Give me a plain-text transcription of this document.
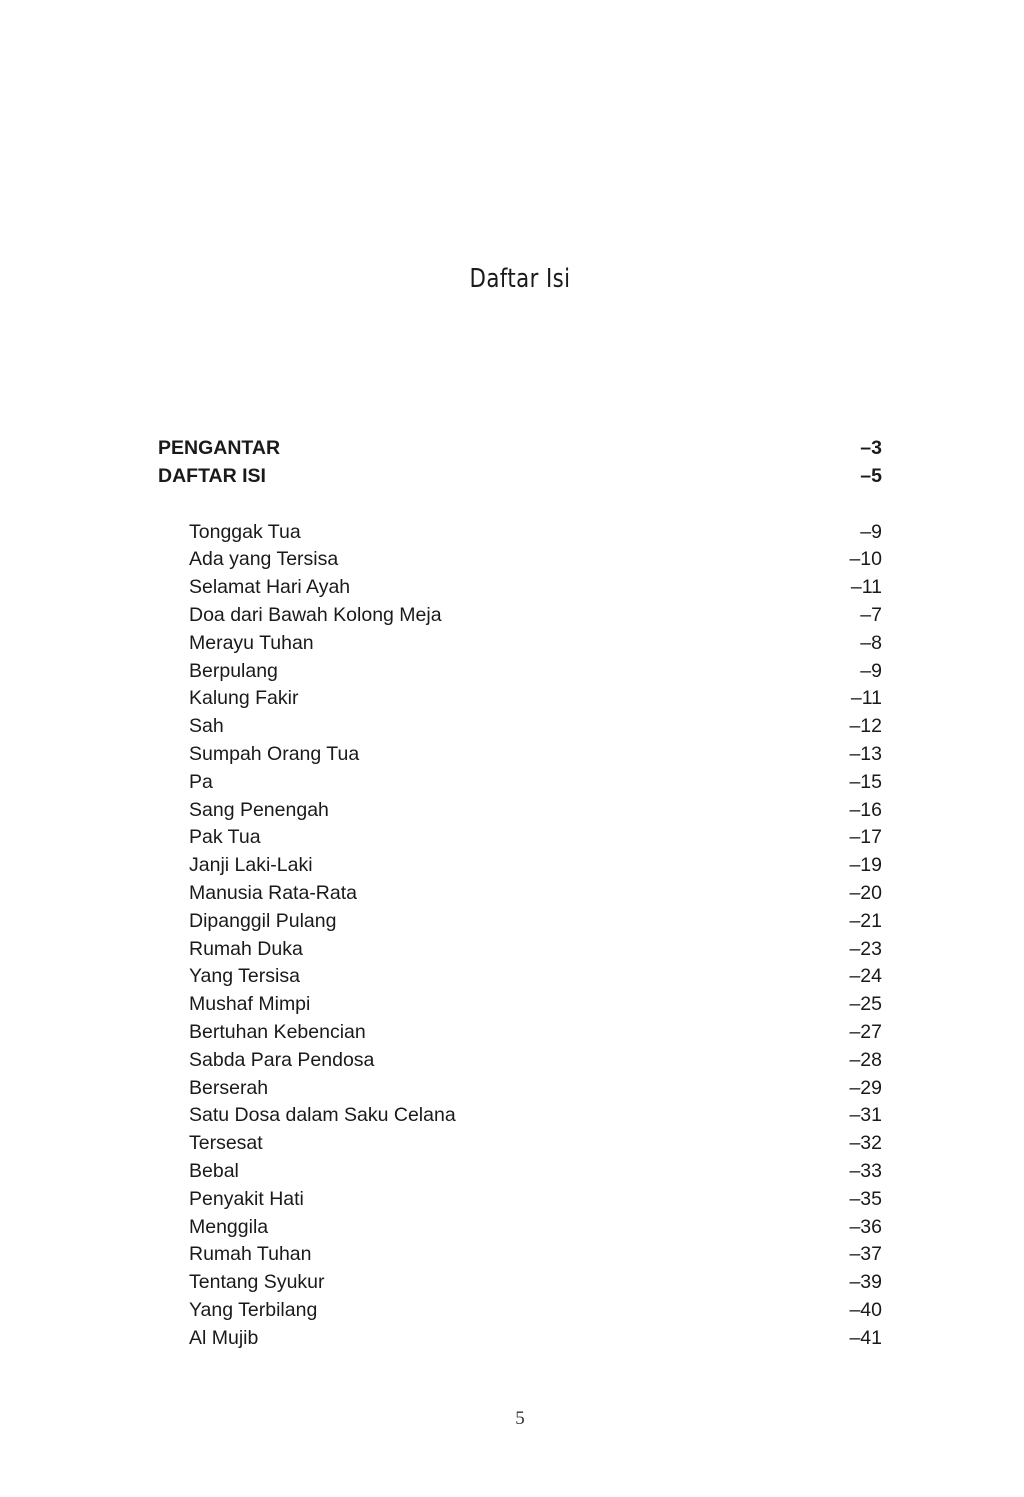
Daftar Isi
PENGANTAR	–3
DAFTAR ISI	–5
Tonggak Tua	–9
Ada yang Tersisa	–10
Selamat Hari Ayah	–11
Doa dari Bawah Kolong Meja	–7
Merayu Tuhan	–8
Berpulang	–9
Kalung Fakir	–11
Sah	–12
Sumpah Orang Tua	–13
Pa	–15
Sang Penengah	–16
Pak Tua	–17
Janji Laki-Laki	–19
Manusia Rata-Rata	–20
Dipanggil Pulang	–21
Rumah Duka	–23
Yang Tersisa	–24
Mushaf Mimpi	–25
Bertuhan Kebencian	–27
Sabda Para Pendosa	–28
Berserah	–29
Satu Dosa dalam Saku Celana	–31
Tersesat	–32
Bebal	–33
Penyakit Hati	–35
Menggila	–36
Rumah Tuhan	–37
Tentang Syukur	–39
Yang Terbilang	–40
Al Mujib	–41
5
